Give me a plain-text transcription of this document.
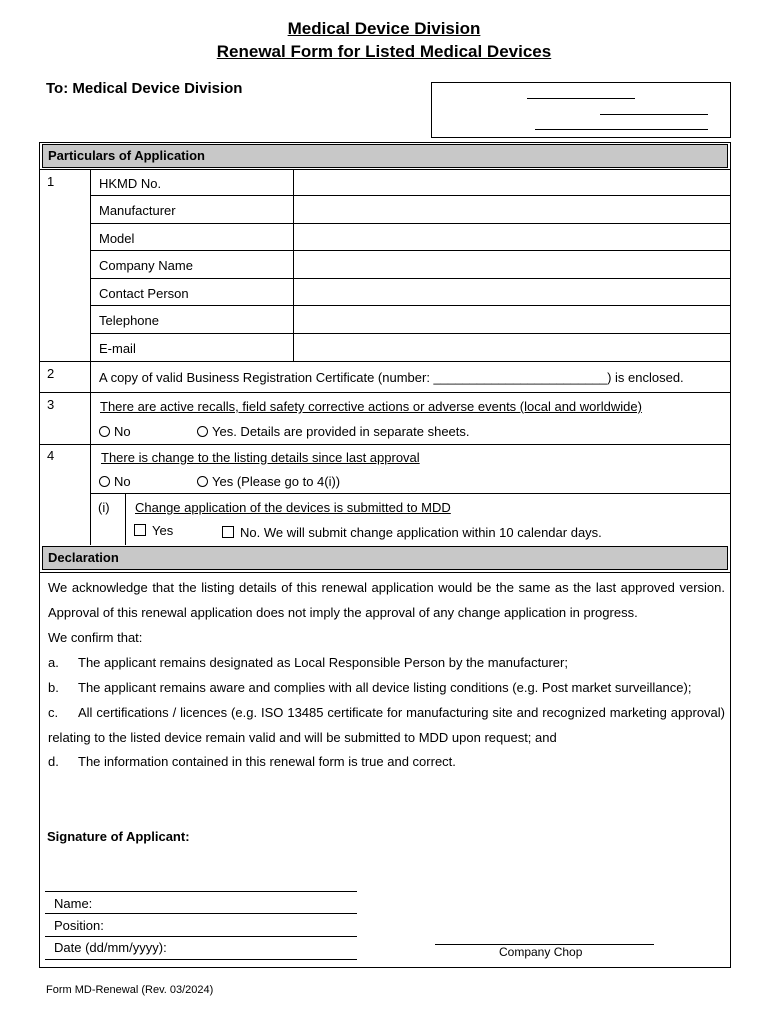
Medical Device Division
Renewal Form for Listed Medical Devices
To: Medical Device Division
Particulars of Application
1	HKMD No.
Manufacturer
Model
Company Name
Contact Person
Telephone
E-mail
2	A copy of valid Business Registration Certificate (number: ________________________) is enclosed.
3	There are active recalls, field safety corrective actions or adverse events (local and worldwide)
No	Yes. Details are provided in separate sheets.
4	There is change to the listing details since last approval
No	Yes (Please go to 4(i))
(i) Change application of the devices is submitted to MDD
Yes	No. We will submit change application within 10 calendar days.
Declaration

We acknowledge that the listing details of this renewal application would be the same as the last approved version. Approval of this renewal application does not imply the approval of any change application in progress.

We confirm that:

a. The applicant remains designated as Local Responsible Person by the manufacturer;

b. The applicant remains aware and complies with all device listing conditions (e.g. Post market surveillance);

c. All certifications / licences (e.g. ISO 13485 certificate for manufacturing site and recognized marketing approval) relating to the listed device remain valid and will be submitted to MDD upon request; and

d. The information contained in this renewal form is true and correct.

Signature of Applicant:
Name:
Position:
Date (dd/mm/yyyy):	Company Chop
Form MD-Renewal (Rev. 03/2024)
